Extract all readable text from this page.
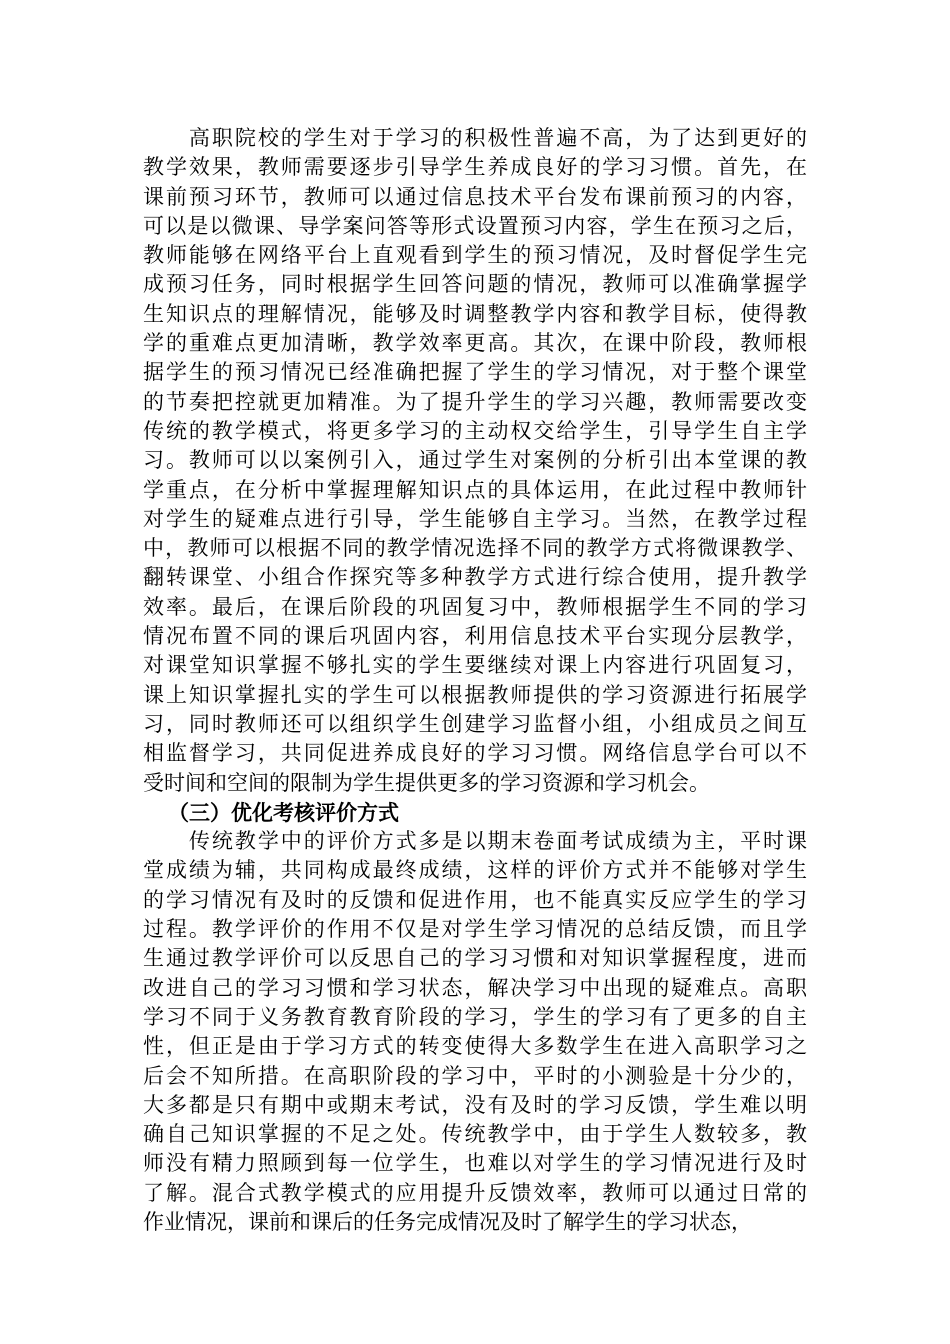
　　高职院校的学生对于学习的积极性普遍不高，为了达到更好的
教学效果，教师需要逐步引导学生养成良好的学习习惯。首先，在
课前预习环节，教师可以通过信息技术平台发布课前预习的内容，
可以是以微课、导学案问答等形式设置预习内容，学生在预习之后，
教师能够在网络平台上直观看到学生的预习情况，及时督促学生完
成预习任务，同时根据学生回答问题的情况，教师可以准确掌握学
生知识点的理解情况，能够及时调整教学内容和教学目标，使得教
学的重难点更加清晰，教学效率更高。其次，在课中阶段，教师根
据学生的预习情况已经准确把握了学生的学习情况，对于整个课堂
的节奏把控就更加精准。为了提升学生的学习兴趣，教师需要改变
传统的教学模式，将更多学习的主动权交给学生，引导学生自主学
习。教师可以以案例引入，通过学生对案例的分析引出本堂课的教
学重点，在分析中掌握理解知识点的具体运用，在此过程中教师针
对学生的疑难点进行引导，学生能够自主学习。当然，在教学过程
中，教师可以根据不同的教学情况选择不同的教学方式将微课教学、
翻转课堂、小组合作探究等多种教学方式进行综合使用，提升教学
效率。最后，在课后阶段的巩固复习中，教师根据学生不同的学习
情况布置不同的课后巩固内容，利用信息技术平台实现分层教学，
对课堂知识掌握不够扎实的学生要继续对课上内容进行巩固复习，
课上知识掌握扎实的学生可以根据教师提供的学习资源进行拓展学
习，同时教师还可以组织学生创建学习监督小组，小组成员之间互
相监督学习，共同促进养成良好的学习习惯。网络信息学台可以不
受时间和空间的限制为学生提供更多的学习资源和学习机会。
（三）优化考核评价方式
　　传统教学中的评价方式多是以期末卷面考试成绩为主，平时课
堂成绩为辅，共同构成最终成绩，这样的评价方式并不能够对学生
的学习情况有及时的反馈和促进作用，也不能真实反应学生的学习
过程。教学评价的作用不仅是对学生学习情况的总结反馈，而且学
生通过教学评价可以反思自己的学习习惯和对知识掌握程度，进而
改进自己的学习习惯和学习状态，解决学习中出现的疑难点。高职
学习不同于义务教育教育阶段的学习，学生的学习有了更多的自主
性，但正是由于学习方式的转变使得大多数学生在进入高职学习之
后会不知所措。在高职阶段的学习中，平时的小测验是十分少的，
大多都是只有期中或期末考试，没有及时的学习反馈，学生难以明
确自己知识掌握的不足之处。传统教学中，由于学生人数较多，教
师没有精力照顾到每一位学生，也难以对学生的学习情况进行及时
了解。混合式教学模式的应用提升反馈效率，教师可以通过日常的
作业情况，课前和课后的任务完成情况及时了解学生的学习状态，
